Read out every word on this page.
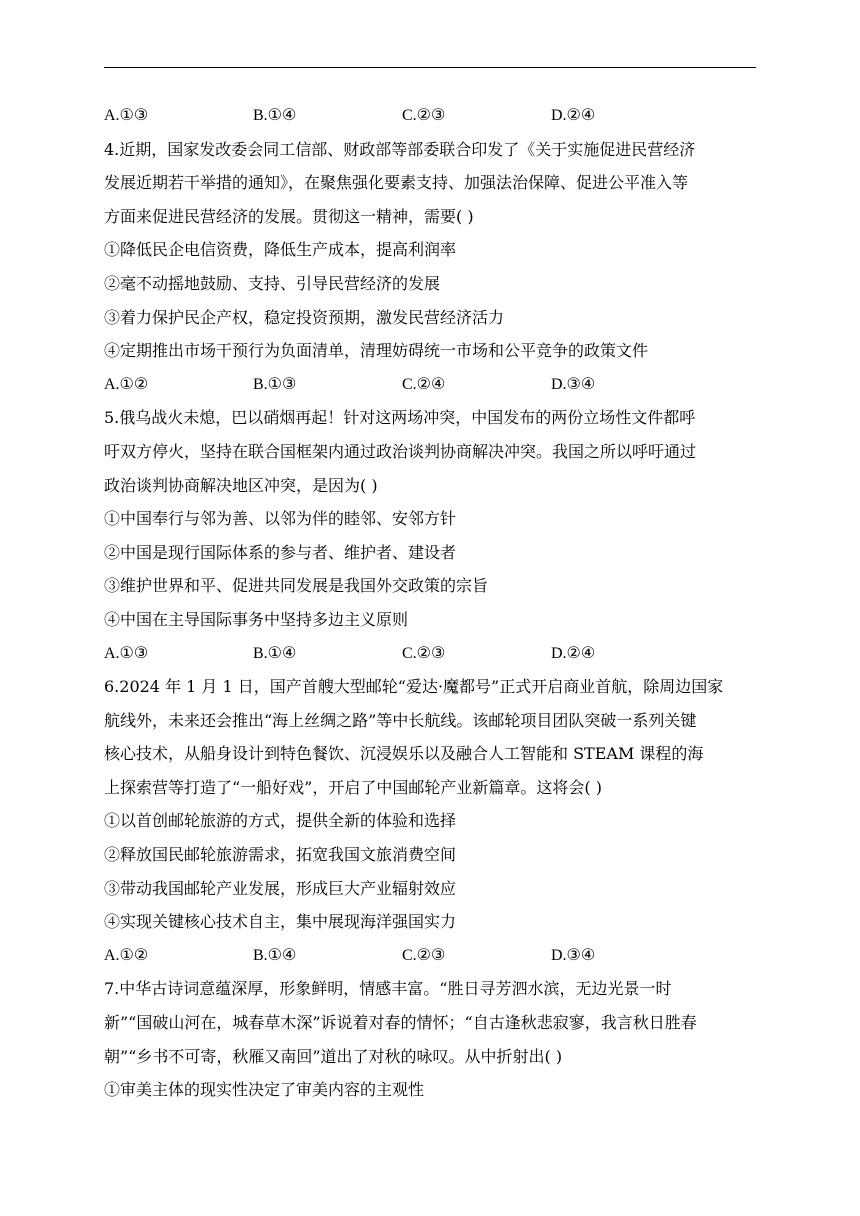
A.①③	B.①④	C.②③	D.②④
4.近期，国家发改委会同工信部、财政部等部委联合印发了《关于实施促进民营经济
发展近期若干举措的通知》，在聚焦强化要素支持、加强法治保障、促进公平准入等
方面来促进民营经济的发展。贯彻这一精神，需要( )
①降低民企电信资费，降低生产成本，提高利润率
②毫不动摇地鼓励、支持、引导民营经济的发展
③着力保护民企产权，稳定投资预期，激发民营经济活力
④定期推出市场干预行为负面清单，清理妨碍统一市场和公平竞争的政策文件
A.①②	B.①③	C.②④	D.③④
5.俄乌战火未熄，巴以硝烟再起！针对这两场冲突，中国发布的两份立场性文件都呼
吁双方停火，坚持在联合国框架内通过政治谈判协商解决冲突。我国之所以呼吁通过
政治谈判协商解决地区冲突，是因为( )
①中国奉行与邻为善、以邻为伴的睦邻、安邻方针
②中国是现行国际体系的参与者、维护者、建设者
③维护世界和平、促进共同发展是我国外交政策的宗旨
④中国在主导国际事务中坚持多边主义原则
A.①③	B.①④	C.②③	D.②④
6.2024 年 1 月 1 日，国产首艘大型邮轮“爱达·魔都号”正式开启商业首航，除周边国家
航线外，未来还会推出“海上丝绸之路”等中长航线。该邮轮项目团队突破一系列关键
核心技术，从船身设计到特色餐饮、沉浸娱乐以及融合人工智能和 STEAM 课程的海
上探索营等打造了“一船好戏”，开启了中国邮轮产业新篇章。这将会( )
①以首创邮轮旅游的方式，提供全新的体验和选择
②释放国民邮轮旅游需求，拓宽我国文旅消费空间
③带动我国邮轮产业发展，形成巨大产业辐射效应
④实现关键核心技术自主，集中展现海洋强国实力
A.①②	B.①④	C.②③	D.③④
7.中华古诗词意蕴深厚，形象鲜明，情感丰富。“胜日寻芳泗水滨，无边光景一时
新”“国破山河在，城春草木深”诉说着对春的情怀；“自古逢秋悲寂寥，我言秋日胜春
朝”“乡书不可寄，秋雁又南回”道出了对秋的咏叹。从中折射出( )
①审美主体的现实性决定了审美内容的主观性
